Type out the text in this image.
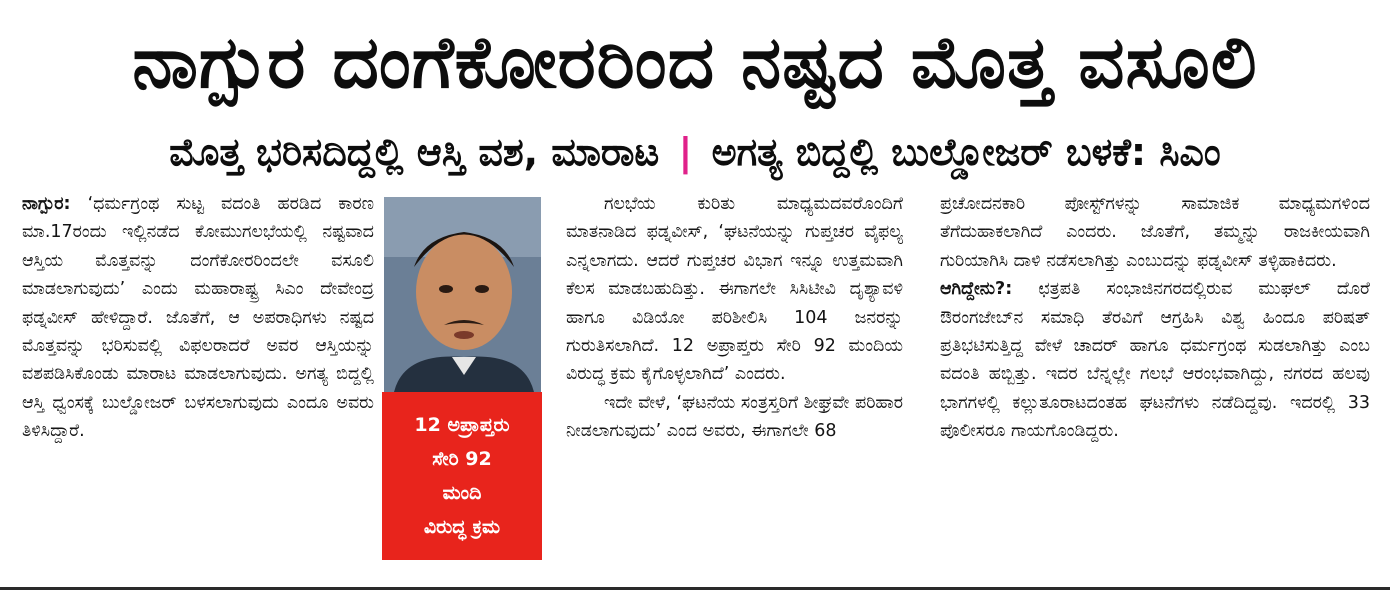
ನಾಗ್ಪುರ ದಂಗೆಕೋರರಿಂದ ನಷ್ಟದ ಮೊತ್ತ ವಸೂಲಿ
ಮೊತ್ತ ಭರಿಸದಿದ್ದಲ್ಲಿ ಆಸ್ತಿ ವಶ, ಮಾರಾಟ | ಅಗತ್ಯ ಬಿದ್ದಲ್ಲಿ ಬುಲ್ಡೋಜರ್ ಬಳಕೆ: ಸಿಎಂ

ನಾಗ್ಪುರ: ‘ಧರ್ಮಗ್ರಂಥ ಸುಟ್ಟ ವದಂತಿ ಹರಡಿದ ಕಾರಣ ಮಾ.17ರಂದು ಇಲ್ಲಿನಡೆದ ಕೋಮುಗಲಭೆಯಲ್ಲಿ ನಷ್ಟವಾದ ಆಸ್ತಿಯ ಮೊತ್ತವನ್ನು ದಂಗೆಕೋರರಿಂದಲೇ ವಸೂಲಿ ಮಾಡಲಾಗುವುದು’ ಎಂದು ಮಹಾರಾಷ್ಟ್ರ ಸಿಎಂ ದೇವೇಂದ್ರ ಫಡ್ನವೀಸ್ ಹೇಳಿದ್ದಾರೆ. ಜೊತೆಗೆ, ಆ ಅಪರಾಧಿಗಳು ನಷ್ಟದ ಮೊತ್ತವನ್ನು ಭರಿಸುವಲ್ಲಿ ವಿಫಲರಾದರೆ ಅವರ ಆಸ್ತಿಯನ್ನು ವಶಪಡಿಸಿಕೊಂಡು ಮಾರಾಟ ಮಾಡಲಾಗುವುದು. ಅಗತ್ಯ ಬಿದ್ದಲ್ಲಿ ಆಸ್ತಿ ಧ್ವಂಸಕ್ಕೆ ಬುಲ್ಡೋಜರ್ ಬಳಸಲಾಗುವುದು ಎಂದೂ ಅವರು ತಿಳಿಸಿದ್ದಾರೆ.	12 ಅಪ್ರಾಪ್ತರು
ಸೇರಿ 92
ಮಂದಿ
ವಿರುದ್ಧ ಕ್ರಮ

ಗಲಭೆಯ ಕುರಿತು ಮಾಧ್ಯಮದವರೊಂದಿಗೆ ಮಾತನಾಡಿದ ಫಡ್ನವೀಸ್, ‘ಘಟನೆಯನ್ನು ಗುಪ್ತಚರ ವೈಫಲ್ಯ ಎನ್ನಲಾಗದು. ಆದರೆ ಗುಪ್ತಚರ ವಿಭಾಗ ಇನ್ನೂ ಉತ್ತಮವಾಗಿ ಕೆಲಸ ಮಾಡಬಹುದಿತ್ತು. ಈಗಾಗಲೇ ಸಿಸಿಟೀವಿ ದೃಶ್ಯಾವಳಿ ಹಾಗೂ ವಿಡಿಯೋ ಪರಿಶೀಲಿಸಿ 104 ಜನರನ್ನು ಗುರುತಿಸಲಾಗಿದೆ. 12 ಅಪ್ರಾಪ್ತರು ಸೇರಿ 92 ಮಂದಿಯ ವಿರುದ್ಧ ಕ್ರಮ ಕೈಗೊಳ್ಳಲಾಗಿದೆ’ ಎಂದರು.

ಇದೇ ವೇಳೆ, ‘ಘಟನೆಯ ಸಂತ್ರಸ್ತರಿಗೆ ಶೀಘ್ರವೇ ಪರಿಹಾರ ನೀಡಲಾಗುವುದು’ ಎಂದ ಅವರು, ಈಗಾಗಲೇ 68

ಪ್ರಚೋದನಕಾರಿ ಪೋಸ್ಟ್‌ಗಳನ್ನು ಸಾಮಾಜಿಕ ಮಾಧ್ಯಮಗಳಿಂದ ತೆಗೆದುಹಾಕಲಾಗಿದೆ ಎಂದರು. ಜೊತೆಗೆ, ತಮ್ಮನ್ನು ರಾಜಕೀಯವಾಗಿ ಗುರಿಯಾಗಿಸಿ ದಾಳಿ ನಡೆಸಲಾಗಿತ್ತು ಎಂಬುದನ್ನು ಫಡ್ನವೀಸ್ ತಳ್ಳಿಹಾಕಿದರು.

ಆಗಿದ್ದೇನು?: ಛತ್ರಪತಿ ಸಂಭಾಜಿನಗರದಲ್ಲಿರುವ ಮುಘಲ್ ದೊರೆ ಔರಂಗಜೇಬ್‌ನ ಸಮಾಧಿ ತೆರವಿಗೆ ಆಗ್ರಹಿಸಿ ವಿಶ್ವ ಹಿಂದೂ ಪರಿಷತ್ ಪ್ರತಿಭಟಿಸುತ್ತಿದ್ದ ವೇಳೆ ಚಾದರ್ ಹಾಗೂ ಧರ್ಮಗ್ರಂಥ ಸುಡಲಾಗಿತ್ತು ಎಂಬ ವದಂತಿ ಹಬ್ಬಿತ್ತು. ಇದರ ಬೆನ್ನಲ್ಲೇ ಗಲಭೆ ಆರಂಭವಾಗಿದ್ದು, ನಗರದ ಹಲವು ಭಾಗಗಳಲ್ಲಿ ಕಲ್ಲುತೂರಾಟದಂತಹ ಘಟನೆಗಳು ನಡೆದಿದ್ದವು. ಇದರಲ್ಲಿ 33 ಪೊಲೀಸರೂ ಗಾಯಗೊಂಡಿದ್ದರು.
